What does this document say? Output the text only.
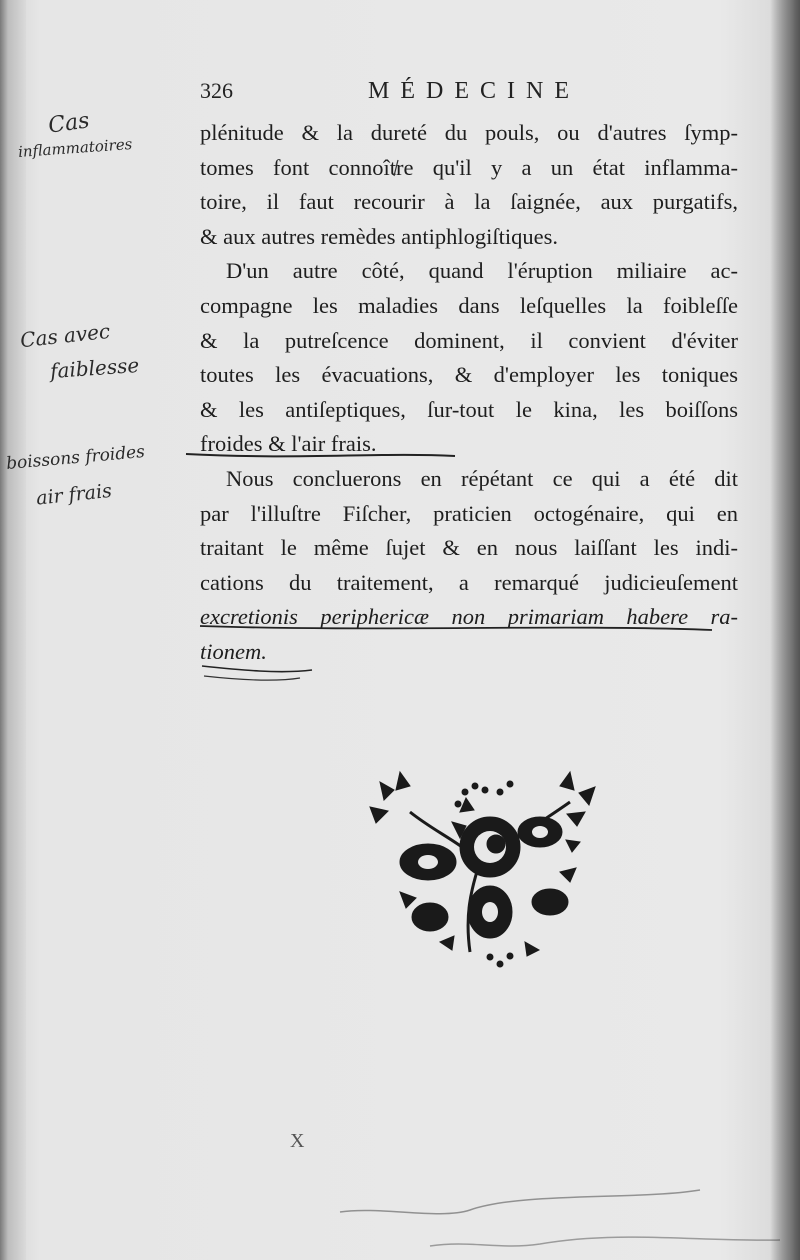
326	MÉDECINE

plénitude & la dureté du pouls, ou d'autres ſymp-
tomes font connoître qu'il y a un état inflamma-
toire, il faut recourir à la ſaignée, aux purgatifs,
& aux autres remèdes antiphlogiſtiques.

D'un autre côté, quand l'éruption miliaire ac-
compagne les maladies dans leſquelles la foibleſſe
& la putreſcence dominent, il convient d'éviter
toutes les évacuations, & d'employer les toniques
& les antiſeptiques, ſur-tout le kina, les boiſſons
froides & l'air frais.

Nous concluerons en répétant ce qui a été dit
par l'illuſtre Fiſcher, praticien octogénaire, qui en
traitant le même ſujet & en nous laiſſant les indi-
cations du traitement, a remarqué judicieuſement
excretionis periphericæ non primariam habere ra-
tionem.

Cas
inflammatoires
Cas avec
faiblesse
boissons froides
air frais
X
